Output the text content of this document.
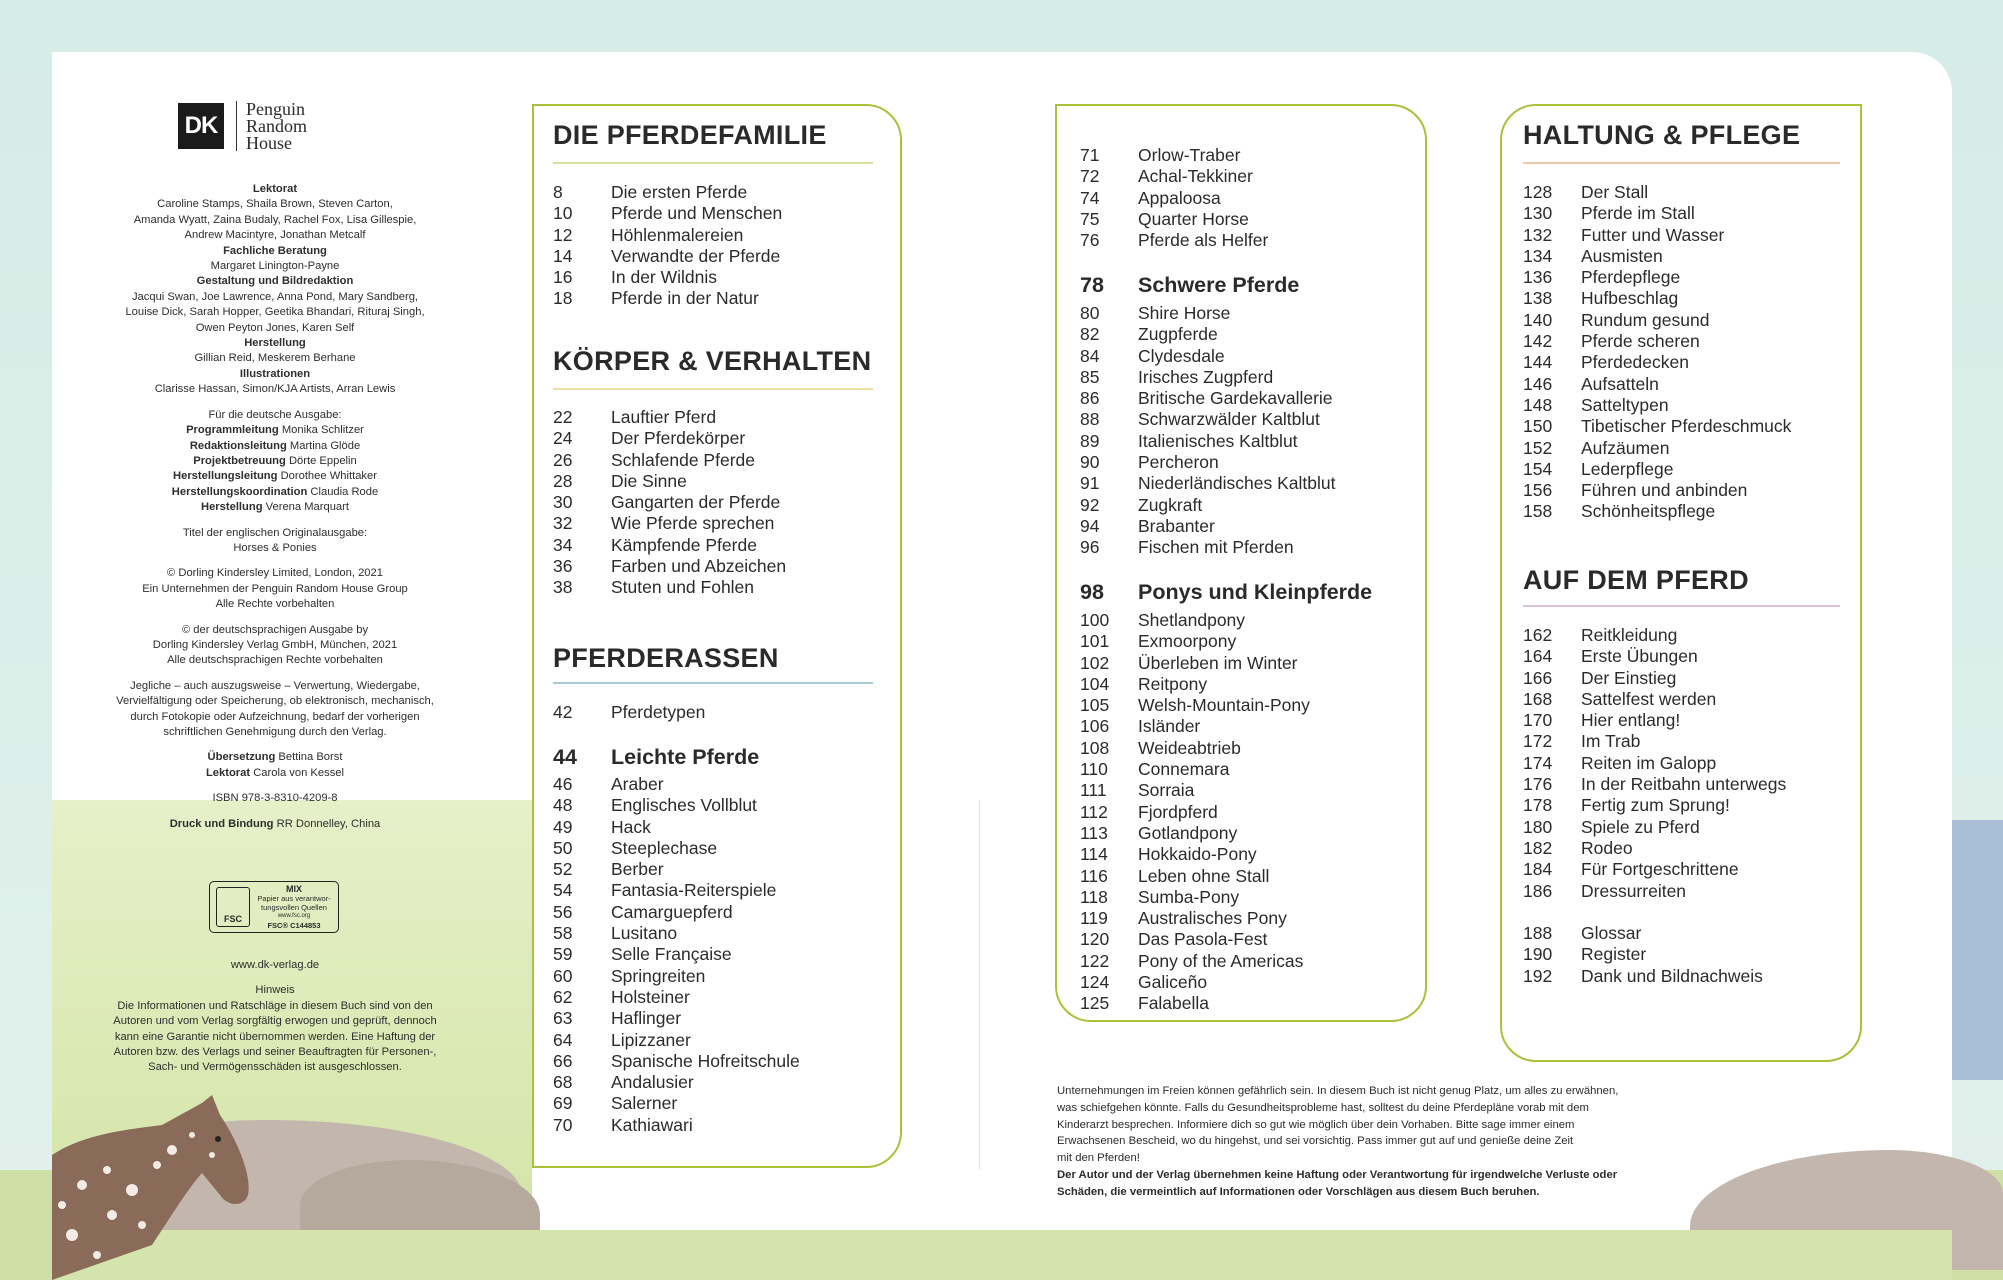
DK
Penguin
Random
House

Lektorat

Caroline Stamps, Shaila Brown, Steven Carton,

Amanda Wyatt, Zaina Budaly, Rachel Fox, Lisa Gillespie,

Andrew Macintyre, Jonathan Metcalf

Fachliche Beratung

Margaret Linington-Payne

Gestaltung und Bildredaktion

Jacqui Swan, Joe Lawrence, Anna Pond, Mary Sandberg,

Louise Dick, Sarah Hopper, Geetika Bhandari, Rituraj Singh,

Owen Peyton Jones, Karen Self

Herstellung

Gillian Reid, Meskerem Berhane

Illustrationen

Clarisse Hassan, Simon/KJA Artists, Arran Lewis

Für die deutsche Ausgabe:

Programmleitung Monika Schlitzer

Redaktionsleitung Martina Glöde

Projektbetreuung Dörte Eppelin

Herstellungsleitung Dorothee Whittaker

Herstellungskoordination Claudia Rode

Herstellung Verena Marquart

Titel der englischen Originalausgabe:

Horses & Ponies

© Dorling Kindersley Limited, London, 2021

Ein Unternehmen der Penguin Random House Group

Alle Rechte vorbehalten

© der deutschsprachigen Ausgabe by

Dorling Kindersley Verlag GmbH, München, 2021

Alle deutschsprachigen Rechte vorbehalten

Jegliche – auch auszugsweise – Verwertung, Wiedergabe,

Vervielfältigung oder Speicherung, ob elektronisch, mechanisch,

durch Fotokopie oder Aufzeichnung, bedarf der vorherigen

schriftlichen Genehmigung durch den Verlag.

Übersetzung Bettina Borst

Lektorat Carola von Kessel

ISBN 978-3-8310-4209-8

Druck und Bindung RR Donnelley, China

FSC
MIX
Papier aus verantwor-
tungsvollen Quellen
www.fsc.org
FSC® C144853

www.dk-verlag.de

Hinweis

Die Informationen und Ratschläge in diesem Buch sind von den

Autoren und vom Verlag sorgfältig erwogen und geprüft, dennoch

kann eine Garantie nicht übernommen werden. Eine Haftung der

Autoren bzw. des Verlags und seiner Beauftragten für Personen-,

Sach- und Vermögensschäden ist ausgeschlossen.

DIE PFERDEFAMILIE
8	Die ersten Pferde
10	Pferde und Menschen
12	Höhlenmalereien
14	Verwandte der Pferde
16	In der Wildnis
18	Pferde in der Natur
KÖRPER & VERHALTEN
22	Lauftier Pferd
24	Der Pferdekörper
26	Schlafende Pferde
28	Die Sinne
30	Gangarten der Pferde
32	Wie Pferde sprechen
34	Kämpfende Pferde
36	Farben und Abzeichen
38	Stuten und Fohlen
PFERDERASSEN
42	Pferdetypen
44	Leichte Pferde
46	Araber
48	Englisches Vollblut
49	Hack
50	Steeplechase
52	Berber
54	Fantasia-Reiterspiele
56	Camarguepferd
58	Lusitano
59	Selle Française
60	Springreiten
62	Holsteiner
63	Haflinger
64	Lipizzaner
66	Spanische Hofreitschule
68	Andalusier
69	Salerner
70	Kathiawari
71	Orlow-Traber
72	Achal-Tekkiner
74	Appaloosa
75	Quarter Horse
76	Pferde als Helfer
78	Schwere Pferde
80	Shire Horse
82	Zugpferde
84	Clydesdale
85	Irisches Zugpferd
86	Britische Gardekavallerie
88	Schwarzwälder Kaltblut
89	Italienisches Kaltblut
90	Percheron
91	Niederländisches Kaltblut
92	Zugkraft
94	Brabanter
96	Fischen mit Pferden
98	Ponys und Kleinpferde
100	Shetlandpony
101	Exmoorpony
102	Überleben im Winter
104	Reitpony
105	Welsh-Mountain-Pony
106	Isländer
108	Weideabtrieb
110	Connemara
111	Sorraia
112	Fjordpferd
113	Gotlandpony
114	Hokkaido-Pony
116	Leben ohne Stall
118	Sumba-Pony
119	Australisches Pony
120	Das Pasola-Fest
122	Pony of the Americas
124	Galiceño
125	Falabella
HALTUNG & PFLEGE
128	Der Stall
130	Pferde im Stall
132	Futter und Wasser
134	Ausmisten
136	Pferdepflege
138	Hufbeschlag
140	Rundum gesund
142	Pferde scheren
144	Pferdedecken
146	Aufsatteln
148	Satteltypen
150	Tibetischer Pferdeschmuck
152	Aufzäumen
154	Lederpflege
156	Führen und anbinden
158	Schönheitspflege
AUF DEM PFERD
162	Reitkleidung
164	Erste Übungen
166	Der Einstieg
168	Sattelfest werden
170	Hier entlang!
172	Im Trab
174	Reiten im Galopp
176	In der Reitbahn unterwegs
178	Fertig zum Sprung!
180	Spiele zu Pferd
182	Rodeo
184	Für Fortgeschrittene
186	Dressurreiten
188	Glossar
190	Register
192	Dank und Bildnachweis

Unternehmungen im Freien können gefährlich sein. In diesem Buch ist nicht genug Platz, um alles zu erwähnen,

was schiefgehen könnte. Falls du Gesundheitsprobleme hast, solltest du deine Pferdepläne vorab mit dem

Kinderarzt besprechen. Informiere dich so gut wie möglich über dein Vorhaben. Bitte sage immer einem

Erwachsenen Bescheid, wo du hingehst, und sei vorsichtig. Pass immer gut auf und genieße deine Zeit

mit den Pferden!

Der Autor und der Verlag übernehmen keine Haftung oder Verantwortung für irgendwelche Verluste oder

Schäden, die vermeintlich auf Informationen oder Vorschlägen aus diesem Buch beruhen.
